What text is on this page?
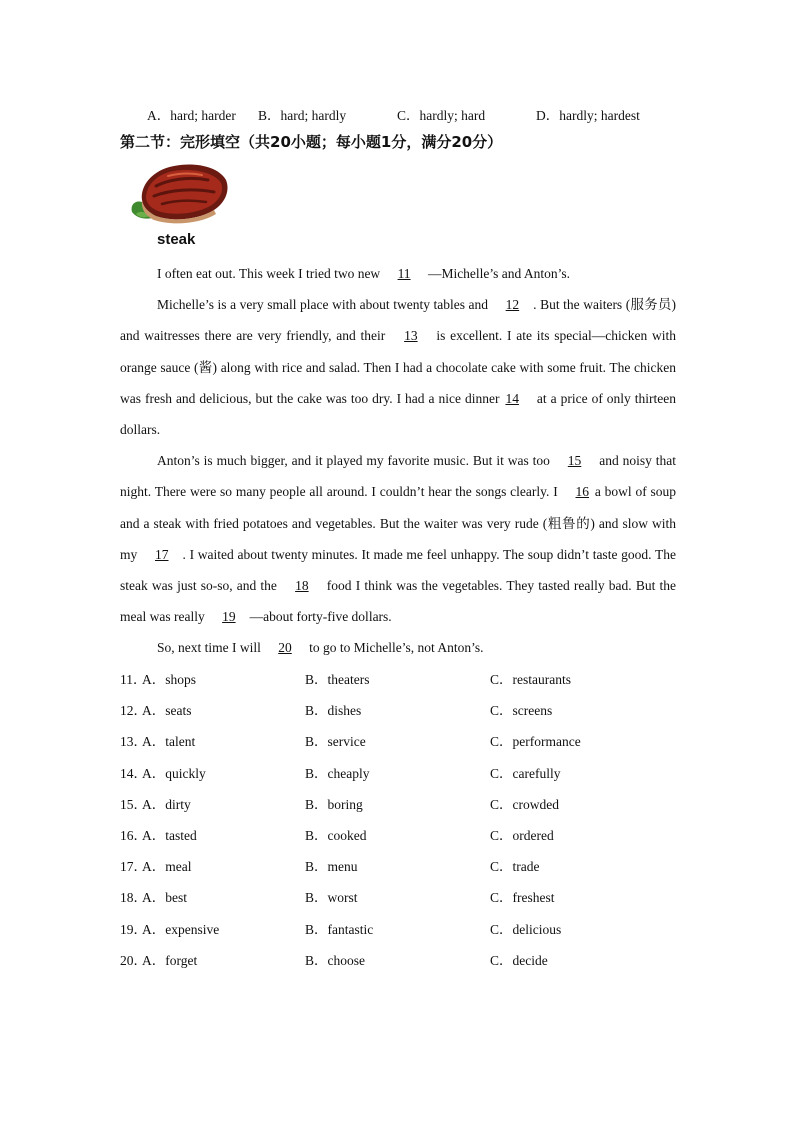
A．hard; harder B．hard; hardly	C．hardly; hard	D．hardly; hardest
第二节：完形填空（共20小题；每小题1分，满分20分）
steak

I often eat out. This week I tried two new 11 —Michelle’s and Anton’s.

Michelle’s is a very small place with about twenty tables and 12 . But the waiters (服务员) and waitresses there are very friendly, and their 13 is excellent. I ate its special—chicken with orange sauce (酱) along with rice and salad. Then I had a chocolate cake with some fruit. The chicken was fresh and delicious, but the cake was too dry. I had a nice dinner 14 at a price of only thirteen dollars.

Anton’s is much bigger, and it played my favorite music. But it was too 15 and noisy that night. There were so many people all around. I couldn’t hear the songs clearly. I 16 a bowl of soup and a steak with fried potatoes and vegetables. But the waiter was very rude (粗鲁的) and slow with my 17 . I waited about twenty minutes. It made me feel unhappy. The soup didn’t taste good. The steak was just so-so, and the 18 food I think was the vegetables. They tasted really bad. But the meal was really 19 —about forty-five dollars.

So, next time I will 20 to go to Michelle’s, not Anton’s.

11．
A．shops	B．theaters	C．restaurants
12．
A．seats	B．dishes	C．screens
13．
A．talent	B．service	C．performance
14．
A．quickly	B．cheaply	C．carefully
15．
A．dirty	B．boring	C．crowded
16．
A．tasted	B．cooked	C．ordered
17．
A．meal	B．menu	C．trade
18．
A．best	B．worst	C．freshest
19．
A．expensive	B．fantastic	C．delicious
20．
A．forget	B．choose	C．decide
